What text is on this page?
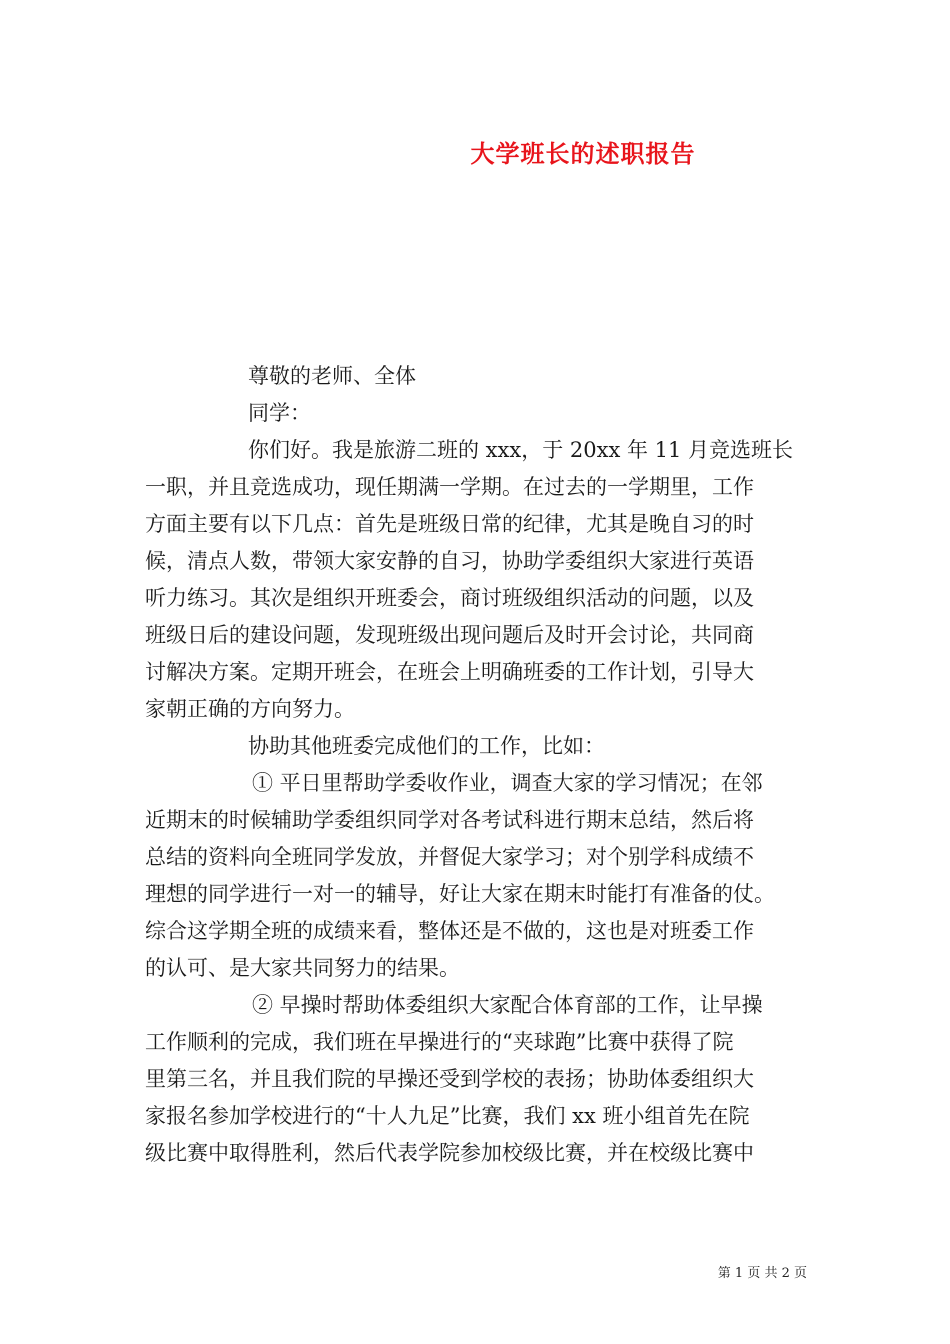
大学班长的述职报告
尊敬的老师、全体
同学：
你们好。我是旅游二班的 xxx，于 20xx 年 11 月竞选班长
一职，并且竞选成功，现任期满一学期。在过去的一学期里，工作
方面主要有以下几点：首先是班级日常的纪律，尤其是晚自习的时
候，清点人数，带领大家安静的自习，协助学委组织大家进行英语
听力练习。其次是组织开班委会，商讨班级组织活动的问题，以及
班级日后的建设问题，发现班级出现问题后及时开会讨论，共同商
讨解决方案。定期开班会，在班会上明确班委的工作计划，引导大
家朝正确的方向努力。
协助其他班委完成他们的工作，比如：
① 平日里帮助学委收作业，调查大家的学习情况；在邻
近期末的时候辅助学委组织同学对各考试科进行期末总结，然后将
总结的资料向全班同学发放，并督促大家学习；对个别学科成绩不
理想的同学进行一对一的辅导，好让大家在期末时能打有准备的仗。
综合这学期全班的成绩来看，整体还是不做的，这也是对班委工作
的认可、是大家共同努力的结果。
② 早操时帮助体委组织大家配合体育部的工作，让早操
工作顺利的完成，我们班在早操进行的“夹球跑”比赛中获得了院
里第三名，并且我们院的早操还受到学校的表扬；协助体委组织大
家报名参加学校进行的“十人九足”比赛，我们 xx 班小组首先在院
级比赛中取得胜利，然后代表学院参加校级比赛，并在校级比赛中
第 1 页 共 2 页
